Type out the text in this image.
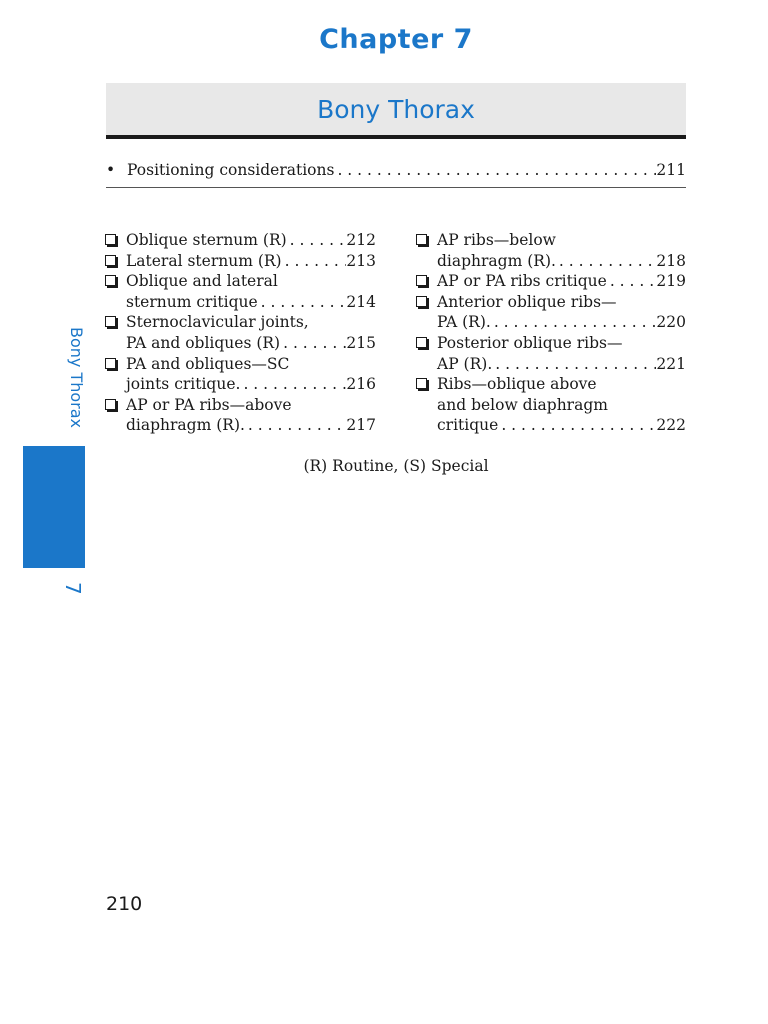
Chapter 7
Bony Thorax
• Positioning considerations . . .	211
Oblique sternum (R) . . .	212
Lateral sternum (R) . . .	213
Oblique and lateral
sternum critique . . .	214
Sternoclavicular joints,
PA and obliques (R) . . .	215
PA and obliques—SC
joints critique. . . .	216
AP or PA ribs—above
diaphragm (R). . . .	217
AP ribs—below
diaphragm (R). . . .	218
AP or PA ribs critique . . .	219
Anterior oblique ribs—
PA (R). . . .	220
Posterior oblique ribs—
AP (R). . . .	221
Ribs—oblique above
and below diaphragm
critique . . .	222
(R) Routine, (S) Special
Bony Thorax
7
210
